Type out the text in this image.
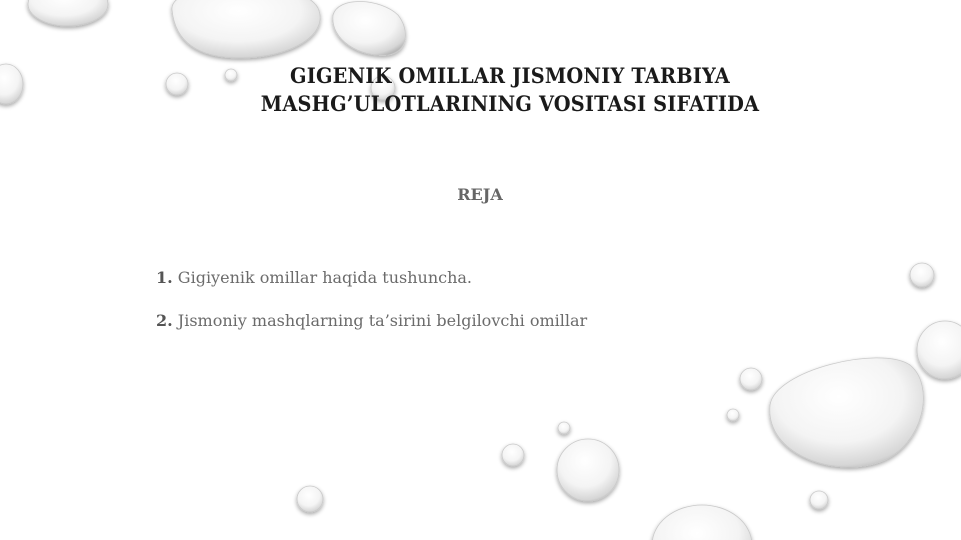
GIGENIK OMILLAR JISMONIY TARBIYA
MASHG’ULOTLARINING VOSITASI SIFATIDA
REJA
1. Gigiyenik omillar haqida tushuncha.
2. Jismoniy mashqlarning ta’sirini belgilovchi omillar
